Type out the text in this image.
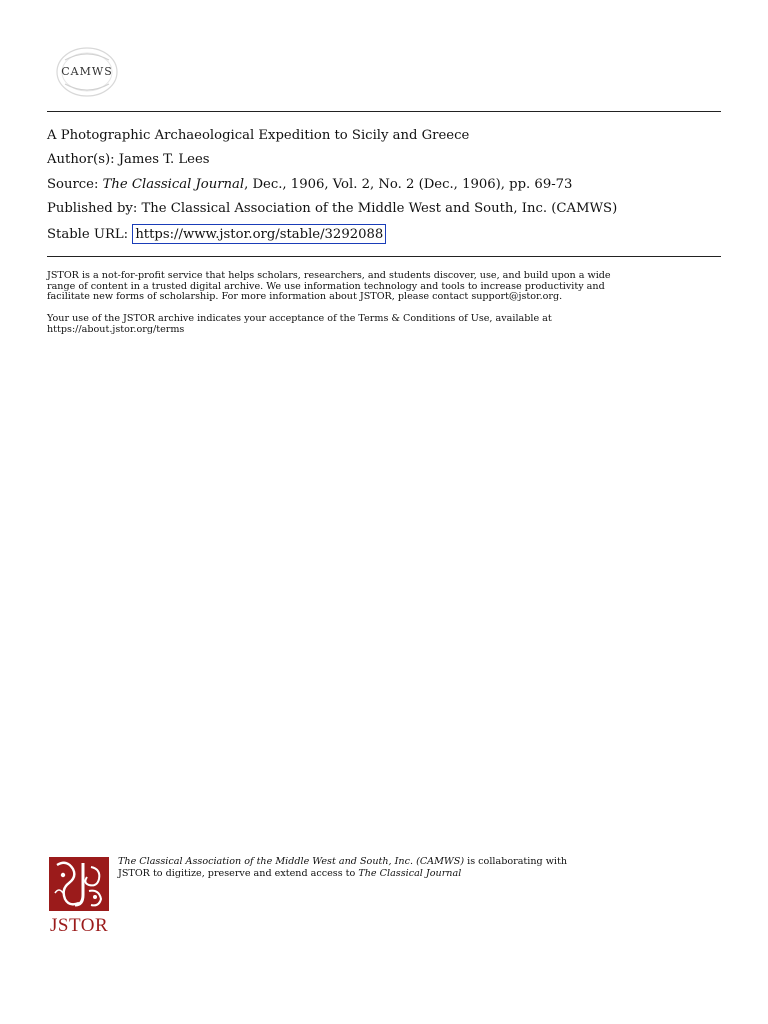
CAMWS
A Photographic Archaeological Expedition to Sicily and Greece
Author(s): James T. Lees
Source: The Classical Journal, Dec., 1906, Vol. 2, No. 2 (Dec., 1906), pp. 69-73
Published by: The Classical Association of the Middle West and South, Inc. (CAMWS)
Stable URL: https://www.jstor.org/stable/3292088
JSTOR is a not-for-profit service that helps scholars, researchers, and students discover, use, and build upon a wide
range of content in a trusted digital archive. We use information technology and tools to increase productivity and
facilitate new forms of scholarship. For more information about JSTOR, please contact support@jstor.org.
Your use of the JSTOR archive indicates your acceptance of the Terms & Conditions of Use, available at
https://about.jstor.org/terms
JSTOR
The Classical Association of the Middle West and South, Inc. (CAMWS) is collaborating with
JSTOR to digitize, preserve and extend access to The Classical Journal
